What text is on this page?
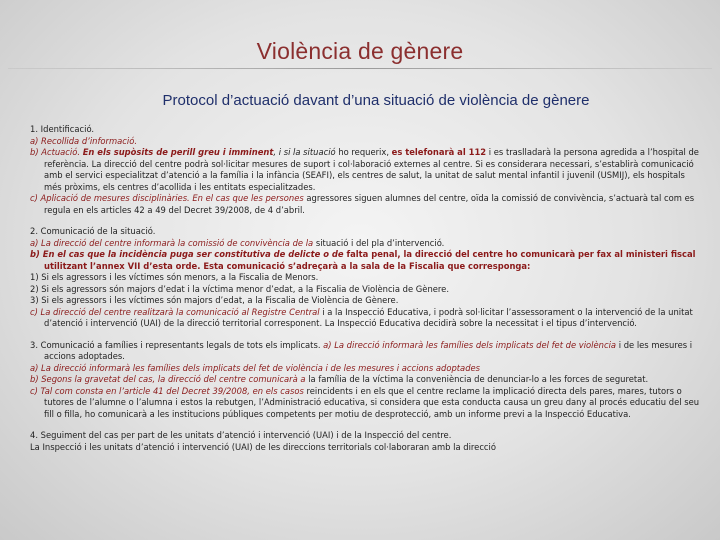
Violència de gènere
Protocol d’actuació davant d’una situació de violència de gènere

1. Identificació.

a) Recollida d’informació.

b) Actuació. En els supòsits de perill greu i imminent, i si la situació ho requerix, es telefonarà al 112 i es traslladarà la persona agredida a l’hospital de referència. La direcció del centre podrà sol·licitar mesures de suport i col·laboració externes al centre. Si es considerara necessari, s’establirà comunicació amb el servici especialitzat d’atenció a la família i la infància (SEAFI), els centres de salut, la unitat de salut mental infantil i juvenil (USMIJ), els hospitals més pròxims, els centres d’acollida i les entitats especialitzades.

c) Aplicació de mesures disciplinàries. En el cas que les persones agressores siguen alumnes del centre, oïda la comissió de convivència, s’actuarà tal com es regula en els articles 42 a 49 del Decret 39/2008, de 4 d’abril.

2. Comunicació de la situació.

a) La direcció del centre informarà la comissió de convivència de la situació i del pla d’intervenció.

b) En el cas que la incidència puga ser constitutiva de delicte o de falta penal, la direcció del centre ho comunicarà per fax al ministeri fiscal utilitzant l’annex VII d’esta orde. Esta comunicació s’adreçarà a la sala de la Fiscalia que corresponga:

1) Si els agressors i les víctimes són menors, a la Fiscalia de Menors.

2) Si els agressors són majors d’edat i la víctima menor d’edat, a la Fiscalia de Violència de Gènere.

3) Si els agressors i les víctimes són majors d’edat, a la Fiscalia de Violència de Gènere.

c) La direcció del centre realitzarà la comunicació al Registre Central i a la Inspecció Educativa, i podrà sol·licitar l’assessorament o la intervenció de la unitat d’atenció i intervenció (UAI) de la direcció territorial corresponent. La Inspecció Educativa decidirà sobre la necessitat i el tipus d’intervenció.

3. Comunicació a famílies i representants legals de tots els implicats. a) La direcció informarà les famílies dels implicats del fet de violència i de les mesures i accions adoptades.

a) La direcció informarà les famílies dels implicats del fet de violència i de les mesures i accions adoptades

b) Segons la gravetat del cas, la direcció del centre comunicarà a la família de la víctima la conveniència de denunciar-lo a les forces de seguretat.

c) Tal com consta en l’article 41 del Decret 39/2008, en els casos reincidents i en els que el centre reclame la implicació directa dels pares, mares, tutors o tutores de l’alumne o l’alumna i estos la rebutgen, l’Administració educativa, si considera que esta conducta causa un greu dany al procés educatiu del seu fill o filla, ho comunicarà a les institucions públiques competents per motiu de desprotecció, amb un informe previ a la Inspecció Educativa.

4. Seguiment del cas per part de les unitats d’atenció i intervenció (UAI) i de la Inspecció del centre.

La Inspecció i les unitats d’atenció i intervenció (UAI) de les direccions territorials col·laboraran amb la direcció
